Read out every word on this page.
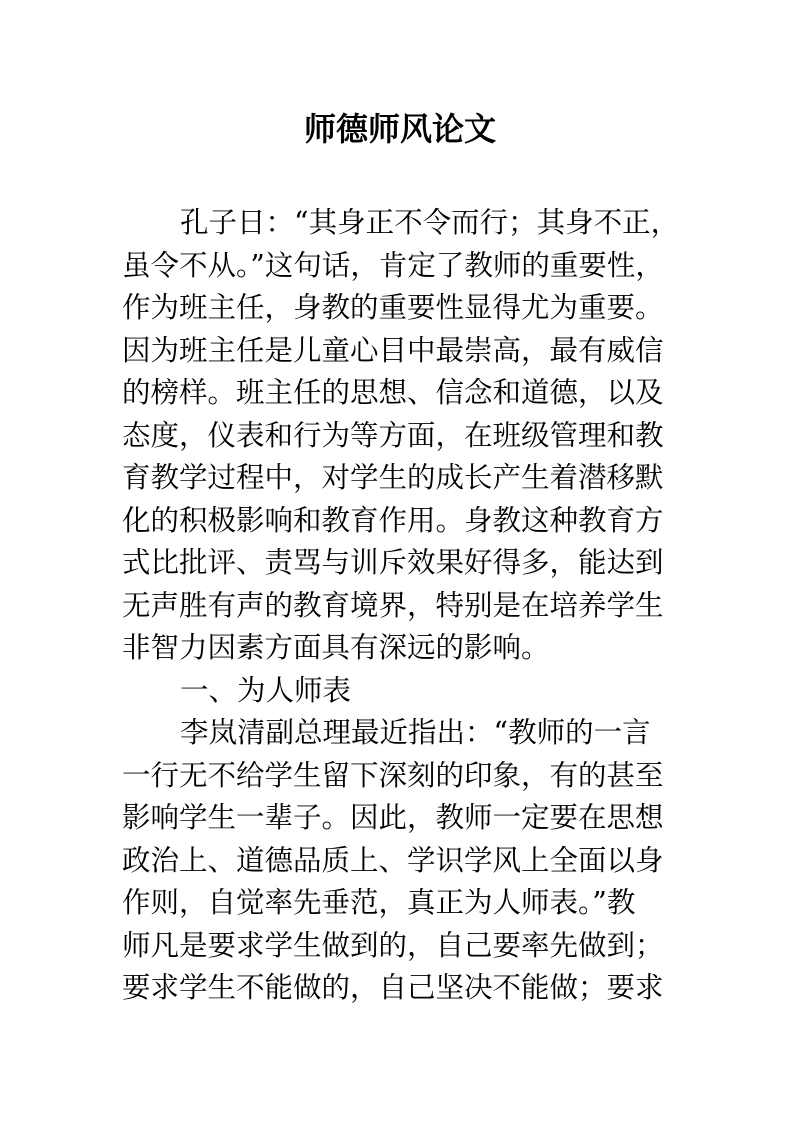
师德师风论文
孔子日：“其身正不令而行；其身不正，
虽令不从。”这句话，肯定了教师的重要性，
作为班主任，身教的重要性显得尤为重要。
因为班主任是儿童心目中最崇高，最有威信
的榜样。班主任的思想、信念和道德，以及
态度，仪表和行为等方面，在班级管理和教
育教学过程中，对学生的成长产生着潜移默
化的积极影响和教育作用。身教这种教育方
式比批评、责骂与训斥效果好得多，能达到
无声胜有声的教育境界，特别是在培养学生
非智力因素方面具有深远的影响。
一、为人师表
李岚清副总理最近指出：“教师的一言
一行无不给学生留下深刻的印象，有的甚至
影响学生一辈子。因此，教师一定要在思想
政治上、道德品质上、学识学风上全面以身
作则，自觉率先垂范，真正为人师表。”教
师凡是要求学生做到的，自己要率先做到；
要求学生不能做的，自己坚决不能做；要求
